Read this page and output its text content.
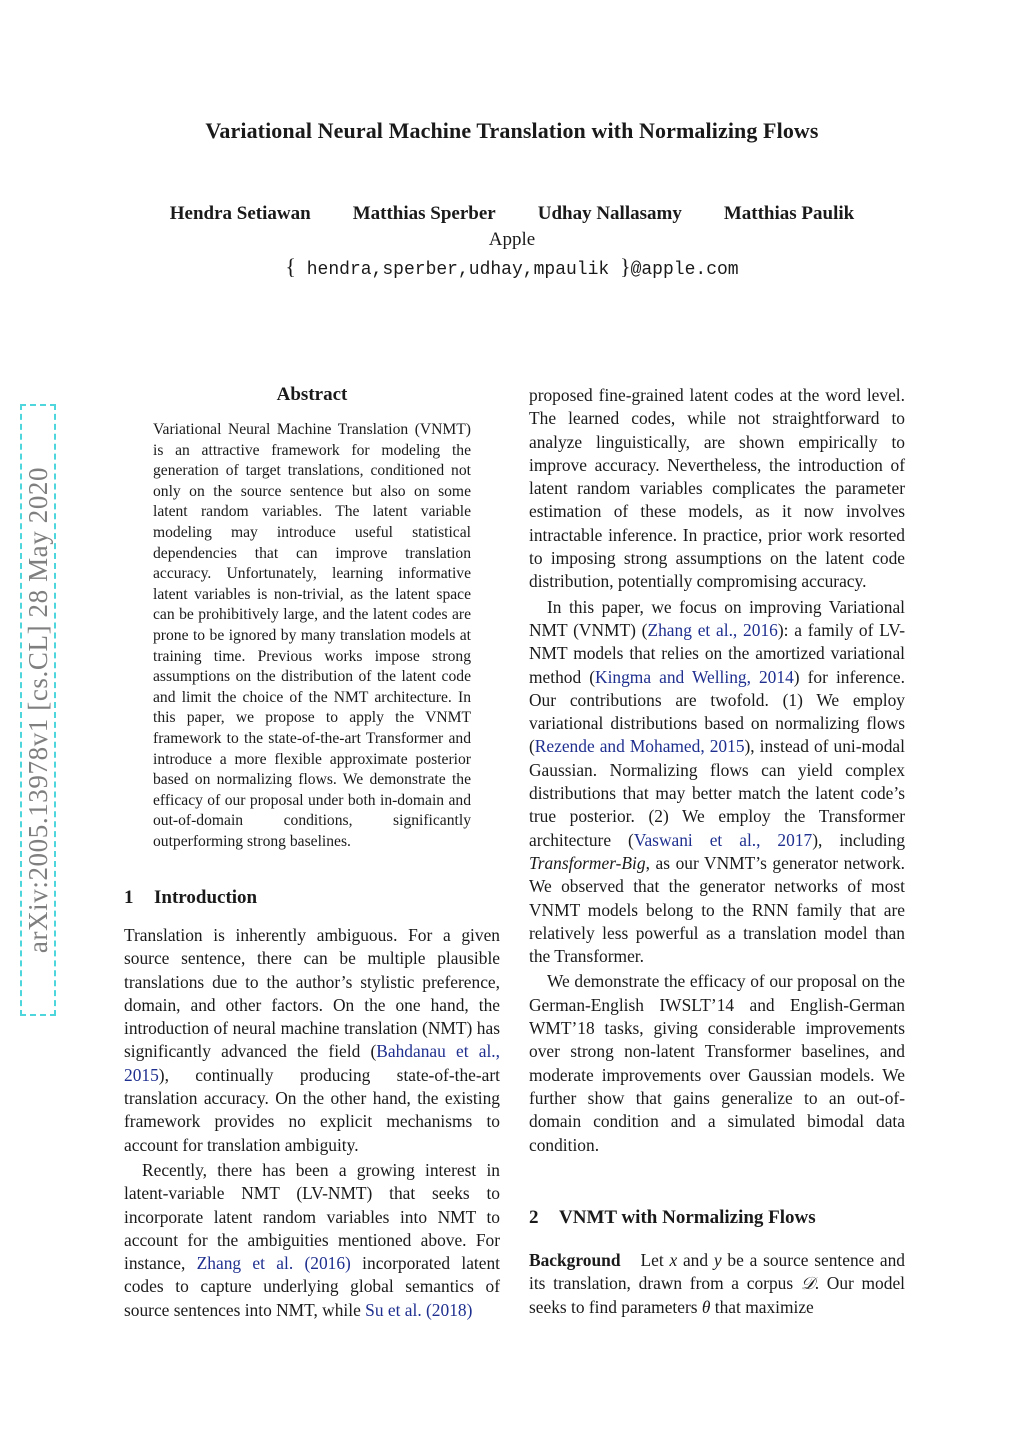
Variational Neural Machine Translation with Normalizing Flows
Hendra Setiawan Matthias Sperber Udhay Nallasamy Matthias Paulik
Apple
{ hendra,sperber,udhay,mpaulik }@apple.com
arXiv:2005.13978v1 [cs.CL] 28 May 2020
Abstract
Variational Neural Machine Translation (VNMT) is an attractive framework for modeling the generation of target translations, conditioned not only on the source sentence but also on some latent random variables. The latent variable modeling may introduce useful statistical dependencies that can improve translation accuracy. Unfortunately, learning informative latent variables is non-trivial, as the latent space can be prohibitively large, and the latent codes are prone to be ignored by many translation models at training time. Previous works impose strong assumptions on the distribution of the latent code and limit the choice of the NMT architecture. In this paper, we propose to apply the VNMT framework to the state-of-the-art Transformer and introduce a more flexible approximate posterior based on normalizing flows. We demonstrate the efficacy of our proposal under both in-domain and out-of-domain conditions, significantly outperforming strong baselines.
1 Introduction

Translation is inherently ambiguous. For a given source sentence, there can be multiple plausible translations due to the author’s stylistic preference, domain, and other factors. On the one hand, the introduction of neural machine translation (NMT) has significantly advanced the field (Bahdanau et al., 2015), continually producing state-of-the-art translation accuracy. On the other hand, the existing framework provides no explicit mechanisms to account for translation ambiguity.

Recently, there has been a growing interest in latent-variable NMT (LV-NMT) that seeks to incorporate latent random variables into NMT to account for the ambiguities mentioned above. For instance, Zhang et al. (2016) incorporated latent codes to capture underlying global semantics of source sentences into NMT, while Su et al. (2018)

proposed fine-grained latent codes at the word level. The learned codes, while not straightforward to analyze linguistically, are shown empirically to improve accuracy. Nevertheless, the introduction of latent random variables complicates the parameter estimation of these models, as it now involves intractable inference. In practice, prior work resorted to imposing strong assumptions on the latent code distribution, potentially compromising accuracy.

In this paper, we focus on improving Variational NMT (VNMT) (Zhang et al., 2016): a family of LV-NMT models that relies on the amortized variational method (Kingma and Welling, 2014) for inference. Our contributions are twofold. (1) We employ variational distributions based on normalizing flows (Rezende and Mohamed, 2015), instead of uni-modal Gaussian. Normalizing flows can yield complex distributions that may better match the latent code’s true posterior. (2) We employ the Transformer architecture (Vaswani et al., 2017), including Transformer-Big, as our VNMT’s generator network. We observed that the generator networks of most VNMT models belong to the RNN family that are relatively less powerful as a translation model than the Transformer.

We demonstrate the efficacy of our proposal on the German-English IWSLT’14 and English-German WMT’18 tasks, giving considerable improvements over strong non-latent Transformer baselines, and moderate improvements over Gaussian models. We further show that gains generalize to an out-of-domain condition and a simulated bimodal data condition.

2 VNMT with Normalizing Flows

Background Let x and y be a source sentence and its translation, drawn from a corpus 𝒟. Our model seeks to find parameters θ that maximize
